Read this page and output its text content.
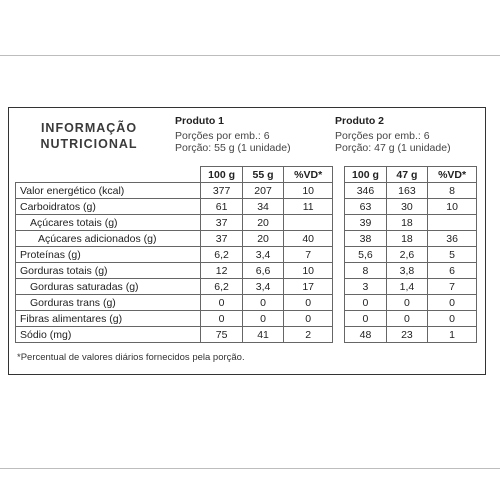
INFORMAÇÃO
NUTRICIONAL
Produto 1
Porções por emb.: 6
Porção: 55 g (1 unidade)
Produto 2
Porções por emb.: 6
Porção: 47 g (1 unidade)
	100 g	55 g	%VD*		100 g	47 g	%VD*
Valor energético (kcal)	377	207	10		346	163	8
Carboidratos (g)	61	34	11		63	30	10
Açúcares totais (g)	37	20			39	18	
Açúcares adicionados (g)	37	20	40		38	18	36
Proteínas (g)	6,2	3,4	7		5,6	2,6	5
Gorduras totais (g)	12	6,6	10		8	3,8	6
Gorduras saturadas (g)	6,2	3,4	17		3	1,4	7
Gorduras trans (g)	0	0	0		0	0	0
Fibras alimentares (g)	0	0	0		0	0	0
Sódio (mg)	75	41	2		48	23	1
*Percentual de valores diários fornecidos pela porção.
